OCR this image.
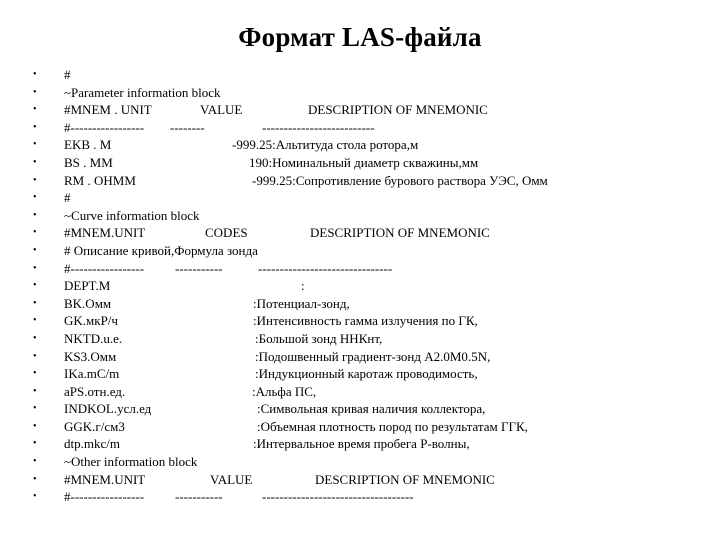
Формат LAS-файла
• #
• ~Parameter information block
• #MNEM . UNIT	VALUE	DESCRIPTION OF MNEMONIC
• #----------------- --------	--------------------------
• EKB . M	-999.25:Альтитуда стола ротора,м
• BS . MM	190:Номинальный диаметр скважины,мм
• RM . OHMM	-999.25:Сопротивление бурового раствора УЭС, Омм
• #
• ~Curve information block
• #MNEM.UNIT	CODES	DESCRIPTION OF MNEMONIC
• # Описание кривой,Формула зонда
• #----------------- -----------	-------------------------------
• DEPT.M	:
• BK.Омм	:Потенциал-зонд,
• GK.мкР/ч	:Интенсивность гамма излучения по ГК,
• NKTD.u.e.	:Большой зонд ННКнт,
• KS3.Омм	:Подошвенный градиент-зонд A2.0M0.5N,
• IKa.mC/m	:Индукционный каротаж проводимость,
• aPS.отн.ед.	:Альфа ПС,
• INDKOL.усл.ед	:Символьная кривая наличия коллектора,
• GGK.г/см3	:Объемная плотность пород по результатам ГГК,
• dtp.mkc/m	:Интервальное время пробега P-волны,
• ~Other information block
• #MNEM.UNIT	VALUE	DESCRIPTION OF MNEMONIC
• #----------------- -----------	-----------------------------------
